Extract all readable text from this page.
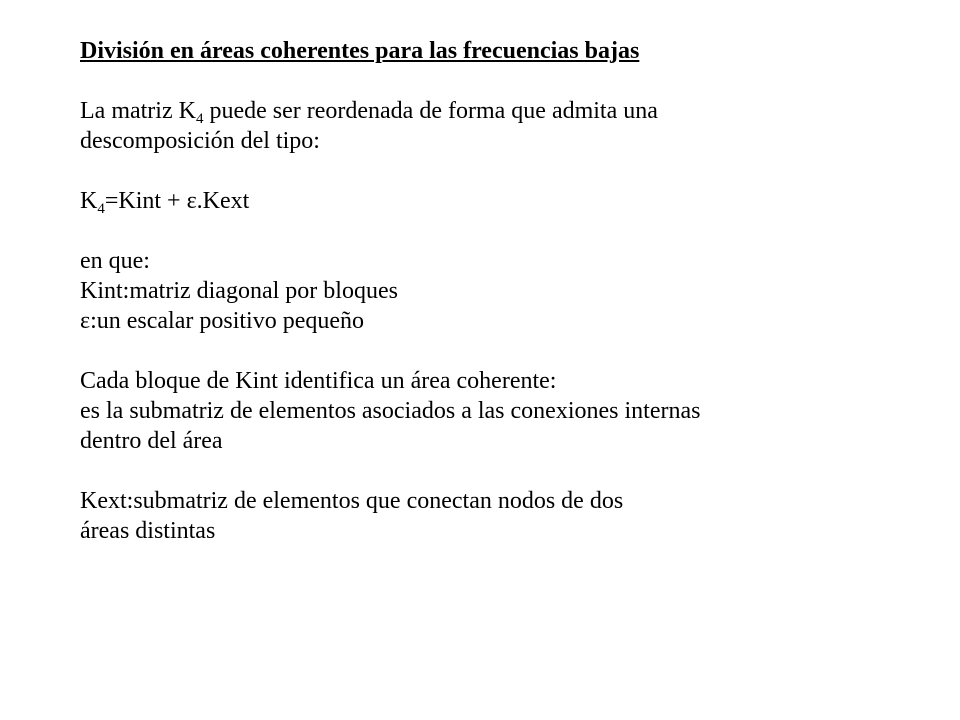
División en áreas coherentes para las frecuencias bajas
La matriz $K_4$ puede ser reordenada de forma que admita una
descomposición del tipo:
$K_4=Kint$ + ε.Kext
en que:
Kint:matriz diagonal por bloques
ε:un escalar positivo pequeño
Cada bloque de Kint identifica un área coherente:
es la submatriz de elementos asociados a las conexiones internas
dentro del área
Kext:submatriz de elementos que conectan nodos de dos
áreas distintas
